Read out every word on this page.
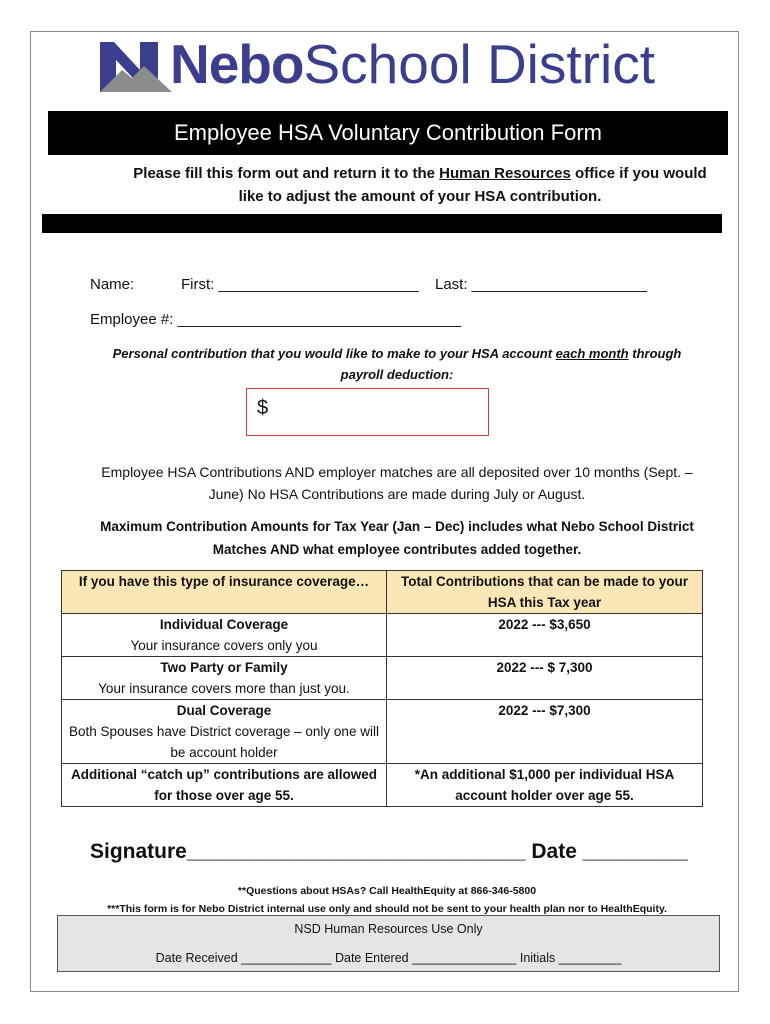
NeboSchool District
Employee HSA Voluntary Contribution Form
Please fill this form out and return it to the Human Resources office if you would like to adjust the amount of your HSA contribution.
Name:	First: ________________________ Last: _____________________
Employee #: __________________________________
Personal contribution that you would like to make to your HSA account each month through payroll deduction:
$
Employee HSA Contributions AND employer matches are all deposited over 10 months (Sept. – June) No HSA Contributions are made during July or August.
Maximum Contribution Amounts for Tax Year (Jan – Dec) includes what Nebo School District Matches AND what employee contributes added together.
If you have this type of insurance coverage…	Total Contributions that can be made to your HSA this Tax year

Individual Coverage
Your insurance covers only you	2022 --- $3,650

Two Party or Family
Your insurance covers more than just you.	2022 --- $ 7,300

Dual Coverage
Both Spouses have District coverage – only one will be account holder	2022 --- $7,300

Additional “catch up” contributions are allowed for those over age 55.	*An additional $1,000 per individual HSA account holder over age 55.
Signature_____________________________ Date _________
**Questions about HSAs? Call HealthEquity at 866-346-5800
***This form is for Nebo District internal use only and should not be sent to your health plan nor to HealthEquity.
NSD Human Resources Use Only
Date Received _____________ Date Entered _______________ Initials _________
